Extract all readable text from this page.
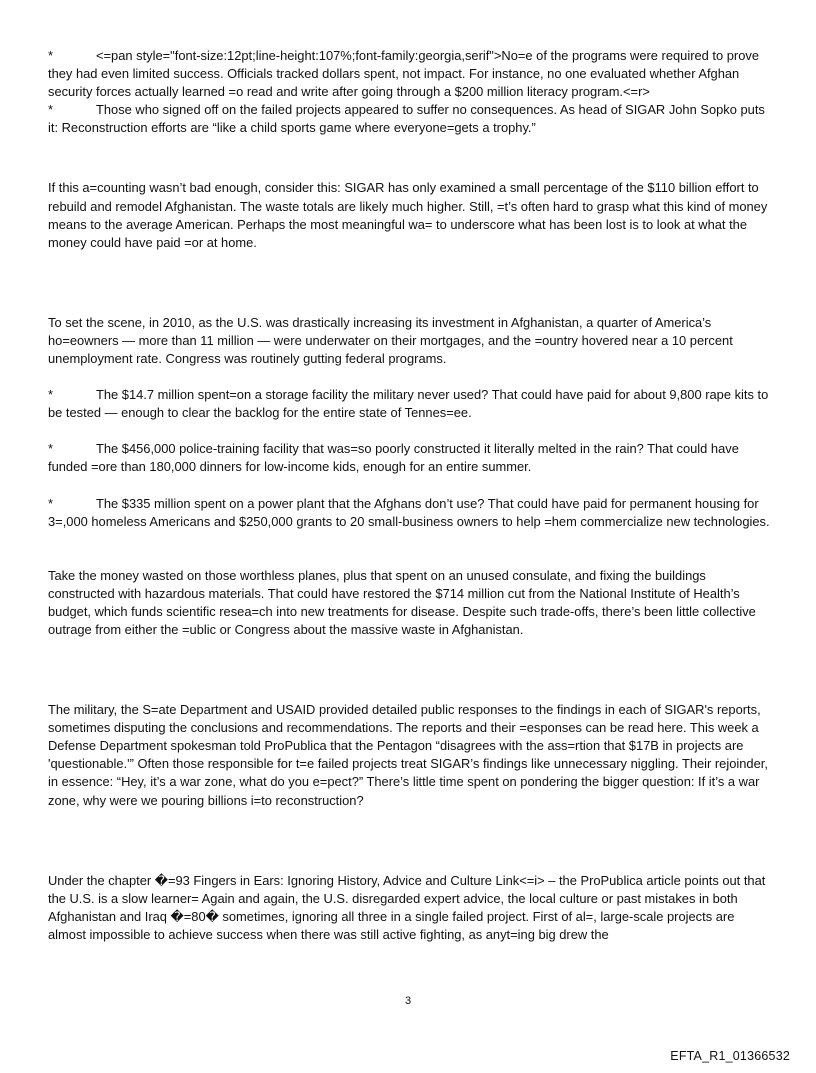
*	<=pan style="font-size:12pt;line-height:107%;font-family:georgia,serif">No=e of the programs were required to prove they had even limited success. Officials tracked dollars spent, not impact. For instance, no one evaluated whether Afghan security forces actually learned =o read and write after going through a $200 million literacy program.<=r>

*	Those who signed off on the failed projects appeared to suffer no consequences. As head of SIGAR John Sopko puts it: Reconstruction efforts are “like a child sports game where everyone=gets a trophy.”

If this a=counting wasn’t bad enough, consider this: SIGAR has only examined a small percentage of the $110 billion effort to rebuild and remodel Afghanistan. The waste totals are likely much higher. Still, =t’s often hard to grasp what this kind of money means to the average American. Perhaps the most meaningful wa= to underscore what has been lost is to look at what the money could have paid =or at home.

To set the scene, in 2010, as the U.S. was drastically increasing its investment in Afghanistan, a quarter of America’s ho=eowners — more than 11 million — were underwater on their mortgages, and the =ountry hovered near a 10 percent unemployment rate. Congress was routinely gutting federal programs.

*	The $14.7 million spent=on a storage facility the military never used? That could have paid for about 9,800 rape kits to be tested — enough to clear the backlog for the entire state of Tennes=ee.

*	The $456,000 police-training facility that was=so poorly constructed it literally melted in the rain? That could have funded =ore than 180,000 dinners for low-income kids, enough for an entire summer.

*	The $335 million spent on a power plant that the Afghans don’t use? That could have paid for permanent housing for 3=,000 homeless Americans and $250,000 grants to 20 small-business owners to help =hem commercialize new technologies.

Take the money wasted on those worthless planes, plus that spent on an unused consulate, and fixing the buildings constructed with hazardous materials. That could have restored the $714 million cut from the National Institute of Health’s budget, which funds scientific resea=ch into new treatments for disease. Despite such trade-offs, there’s been little collective outrage from either the =ublic or Congress about the massive waste in Afghanistan.

The military, the S=ate Department and USAID provided detailed public responses to the findings in each of SIGAR's reports, sometimes disputing the conclusions and recommendations. The reports and their =esponses can be read here. This week a Defense Department spokesman told ProPublica that the Pentagon “disagrees with the ass=rtion that $17B in projects are 'questionable.'” Often those responsible for t=e failed projects treat SIGAR’s findings like unnecessary niggling. Their rejoinder, in essence: “Hey, it’s a war zone, what do you e=pect?” There’s little time spent on pondering the bigger question: If it’s a war zone, why were we pouring billions i=to reconstruction?

Under the chapter �=93 Fingers in Ears: Ignoring History, Advice and Culture Link<=i> – the ProPublica article points out that the U.S. is a slow learner= Again and again, the U.S. disregarded expert advice, the local culture or past mistakes in both Afghanistan and Iraq �=80� sometimes, ignoring all three in a single failed project. First of al=, large-scale projects are almost impossible to achieve success when there was still active fighting, as anyt=ing big drew the

3
EFTA_R1_01366532
